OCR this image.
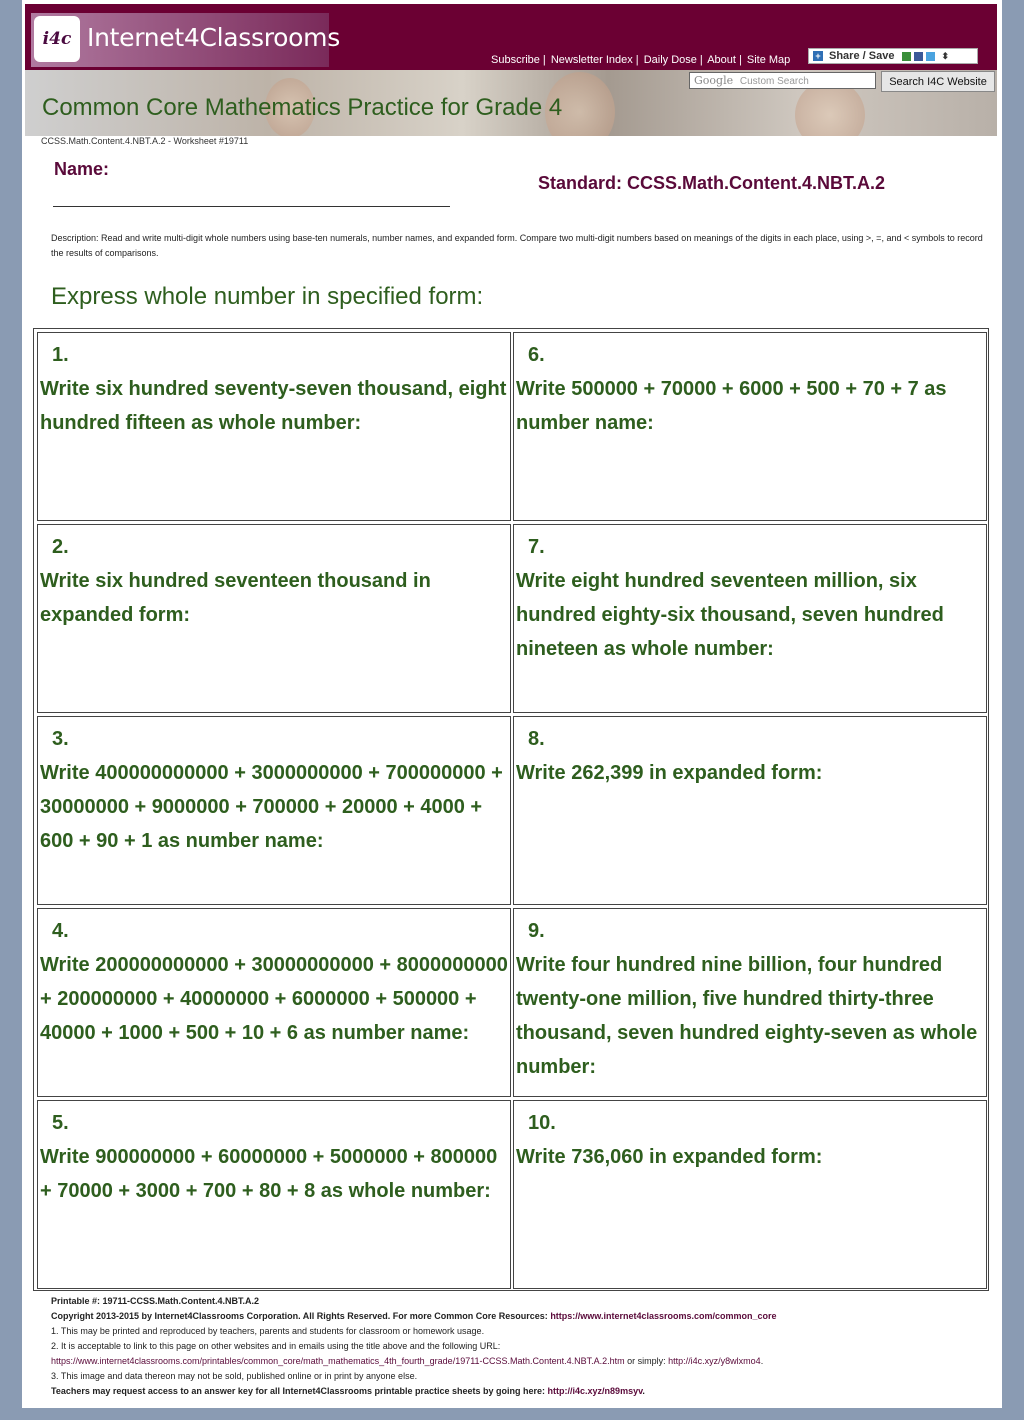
i4c Internet4Classrooms
Subscribe | Newsletter Index | Daily Dose | About | Site Map	+ Share / Save	⬍
Google Custom Search	Search I4C Website
Common Core Mathematics Practice for Grade 4
CCSS.Math.Content.4.NBT.A.2 - Worksheet #19711
Name:
Standard: CCSS.Math.Content.4.NBT.A.2
Description: Read and write multi-digit whole numbers using base-ten numerals, number names, and expanded form. Compare two multi-digit numbers based on meanings of the digits in each place, using >, =, and < symbols to record the results of comparisons.
Express whole number in specified form:
1.
Write six hundred seventy-seven thousand, eight hundred fifteen as whole number:
6.
Write 500000 + 70000 + 6000 + 500 + 70 + 7 as number name:
2.
Write six hundred seventeen thousand in expanded form:
7.
Write eight hundred seventeen million, six hundred eighty-six thousand, seven hundred nineteen as whole number:
3.
Write 400000000000 + 3000000000 + 700000000 + 30000000 + 9000000 + 700000 + 20000 + 4000 + 600 + 90 + 1 as number name:
8.
Write 262,399 in expanded form:
4.
Write 200000000000 + 30000000000 + 8000000000 + 200000000 + 40000000 + 6000000 + 500000 + 40000 + 1000 + 500 + 10 + 6 as number name:
9.
Write four hundred nine billion, four hundred twenty-one million, five hundred thirty-three thousand, seven hundred eighty-seven as whole number:
5.
Write 900000000 + 60000000 + 5000000 + 800000 + 70000 + 3000 + 700 + 80 + 8 as whole number:
10.
Write 736,060 in expanded form:
Printable #: 19711-CCSS.Math.Content.4.NBT.A.2
Copyright 2013-2015 by Internet4Classrooms Corporation. All Rights Reserved. For more Common Core Resources: https://www.internet4classrooms.com/common_core
1. This may be printed and reproduced by teachers, parents and students for classroom or homework usage.
2. It is acceptable to link to this page on other websites and in emails using the title above and the following URL:
https://www.internet4classrooms.com/printables/common_core/math_mathematics_4th_fourth_grade/19711-CCSS.Math.Content.4.NBT.A.2.htm or simply: http://i4c.xyz/y8wlxmo4.
3. This image and data thereon may not be sold, published online or in print by anyone else.
Teachers may request access to an answer key for all Internet4Classrooms printable practice sheets by going here: http://i4c.xyz/n89msyv.
